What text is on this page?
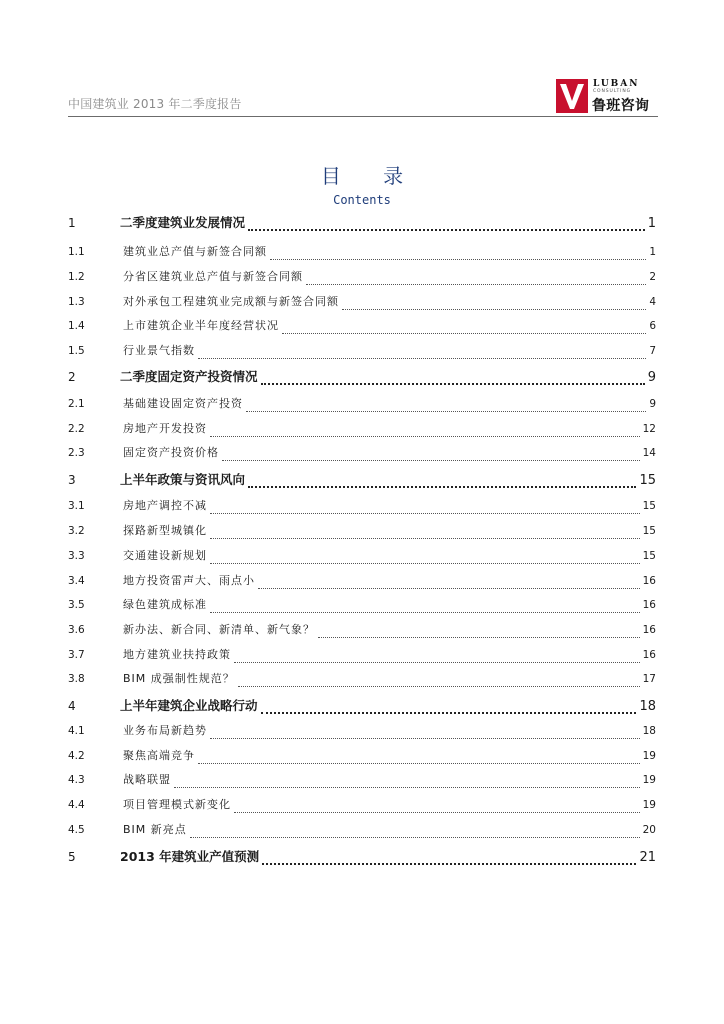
中国建筑业 2013 年二季度报告
LUBAN
CONSULTING
鲁班咨询
目 录
Contents
1	二季度建筑业发展情况	1
1.1	建筑业总产值与新签合同额	1
1.2	分省区建筑业总产值与新签合同额	2
1.3	对外承包工程建筑业完成额与新签合同额	4
1.4	上市建筑企业半年度经营状况	6
1.5	行业景气指数	7
2	二季度固定资产投资情况	9
2.1	基础建设固定资产投资	9
2.2	房地产开发投资	12
2.3	固定资产投资价格	14
3	上半年政策与资讯风向	15
3.1	房地产调控不减	15
3.2	探路新型城镇化	15
3.3	交通建设新规划	15
3.4	地方投资雷声大、雨点小	16
3.5	绿色建筑成标准	16
3.6	新办法、新合同、新清单、新气象？	16
3.7	地方建筑业扶持政策	16
3.8	BIM 成强制性规范？	17
4	上半年建筑企业战略行动	18
4.1	业务布局新趋势	18
4.2	聚焦高端竞争	19
4.3	战略联盟	19
4.4	项目管理模式新变化	19
4.5	BIM 新亮点	20
5	2013 年建筑业产值预测	21
